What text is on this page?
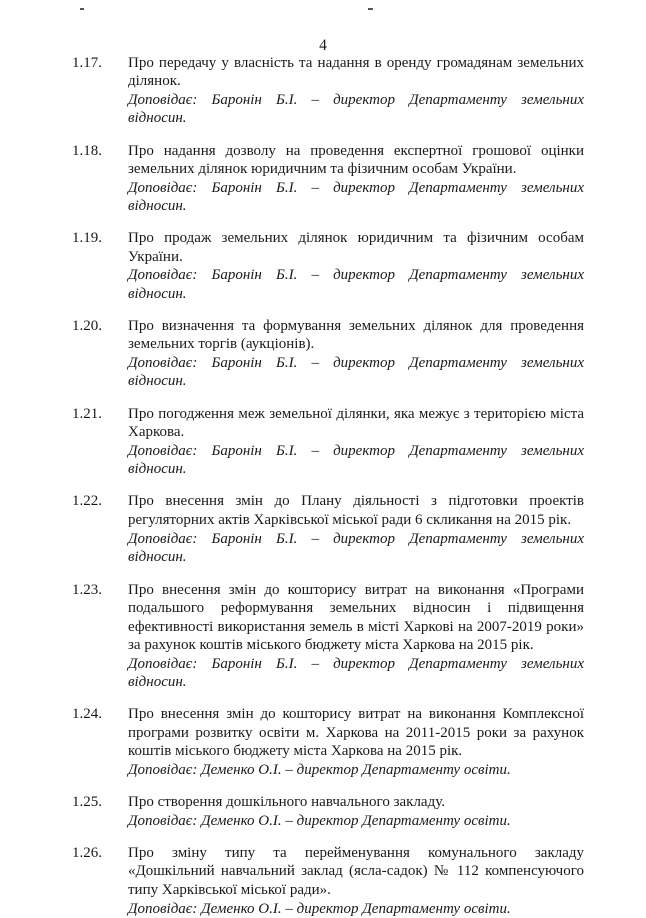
4
1.17. Про передачу у власність та надання в оренду громадянам земельних ділянок.
Доповідає: Баронін Б.І. – директор Департаменту земельних відносин.
1.18. Про надання дозволу на проведення експертної грошової оцінки земельних ділянок юридичним та фізичним особам України.
Доповідає: Баронін Б.І. – директор Департаменту земельних відносин.
1.19. Про продаж земельних ділянок юридичним та фізичним особам України.
Доповідає: Баронін Б.І. – директор Департаменту земельних відносин.
1.20. Про визначення та формування земельних ділянок для проведення земельних торгів (аукціонів).
Доповідає: Баронін Б.І. – директор Департаменту земельних відносин.
1.21. Про погодження меж земельної ділянки, яка межує з територією міста Харкова.
Доповідає: Баронін Б.І. – директор Департаменту земельних відносин.
1.22. Про внесення змін до Плану діяльності з підготовки проектів регуляторних актів Харківської міської ради 6 скликання на 2015 рік.
Доповідає: Баронін Б.І. – директор Департаменту земельних відносин.
1.23. Про внесення змін до кошторису витрат на виконання «Програми подальшого реформування земельних відносин і підвищення ефективності використання земель в місті Харкові на 2007-2019 роки» за рахунок коштів міського бюджету міста Харкова на 2015 рік.
Доповідає: Баронін Б.І. – директор Департаменту земельних відносин.
1.24. Про внесення змін до кошторису витрат на виконання Комплексної програми розвитку освіти м. Харкова на 2011-2015 роки за рахунок коштів міського бюджету міста Харкова на 2015 рік.
Доповідає: Деменко О.І. – директор Департаменту освіти.
1.25. Про створення дошкільного навчального закладу.
Доповідає: Деменко О.І. – директор Департаменту освіти.
1.26. Про зміну типу та перейменування комунального закладу «Дошкільний навчальний заклад (ясла-садок) № 112 компенсуючого типу Харківської міської ради».
Доповідає: Деменко О.І. – директор Департаменту освіти.
